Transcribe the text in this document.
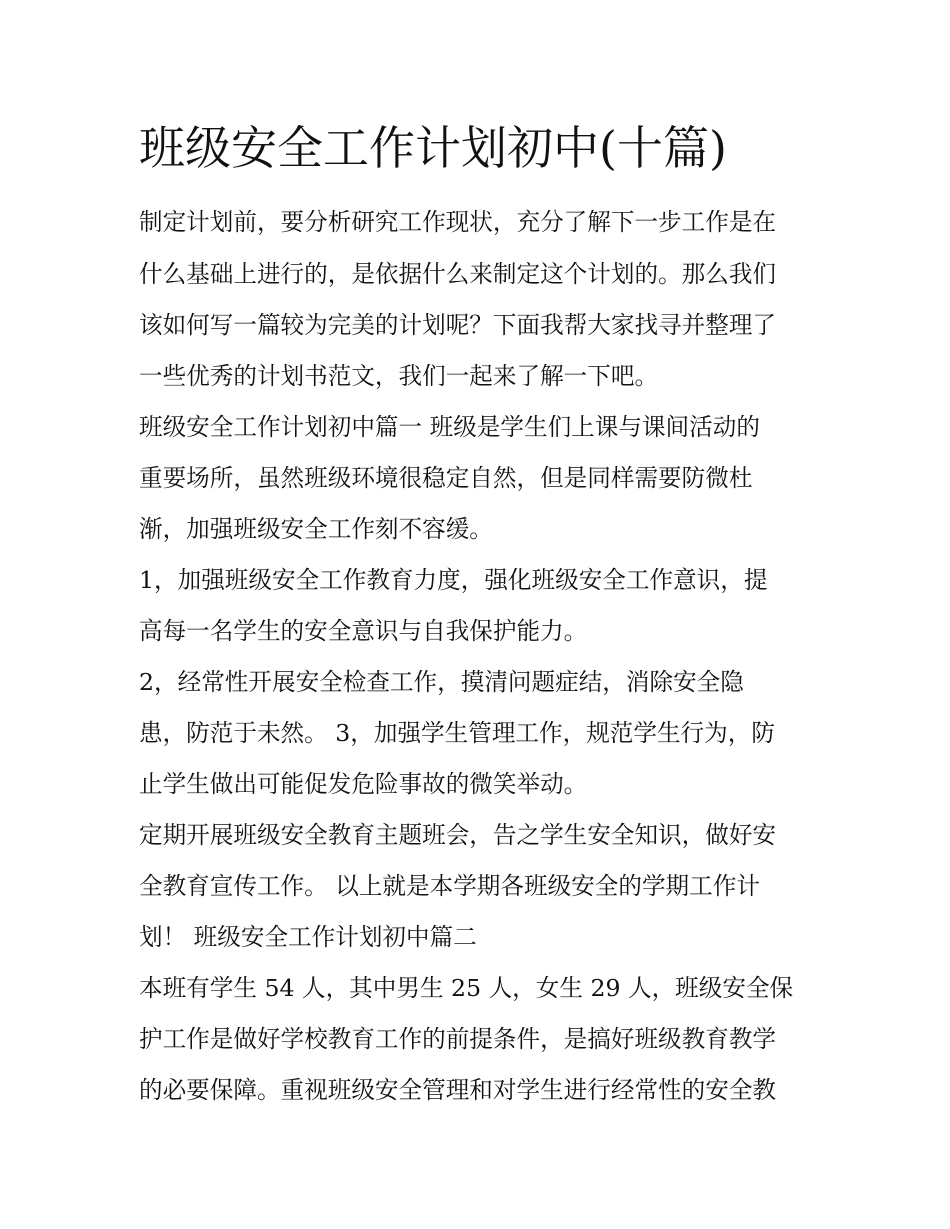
班级安全工作计划初中(十篇)

制定计划前，要分析研究工作现状，充分了解下一步工作是在

什么基础上进行的，是依据什么来制定这个计划的。那么我们

该如何写一篇较为完美的计划呢？下面我帮大家找寻并整理了

一些优秀的计划书范文，我们一起来了解一下吧。

班级安全工作计划初中篇一 班级是学生们上课与课间活动的

重要场所，虽然班级环境很稳定自然，但是同样需要防微杜

渐，加强班级安全工作刻不容缓。

1，加强班级安全工作教育力度，强化班级安全工作意识，提

高每一名学生的安全意识与自我保护能力。

2，经常性开展安全检查工作，摸清问题症结，消除安全隐

患，防范于未然。 3，加强学生管理工作，规范学生行为，防

止学生做出可能促发危险事故的微笑举动。

定期开展班级安全教育主题班会，告之学生安全知识，做好安

全教育宣传工作。 以上就是本学期各班级安全的学期工作计

划！ 班级安全工作计划初中篇二

本班有学生 54 人，其中男生 25 人，女生 29 人，班级安全保

护工作是做好学校教育工作的前提条件，是搞好班级教育教学

的必要保障。重视班级安全管理和对学生进行经常性的安全教
